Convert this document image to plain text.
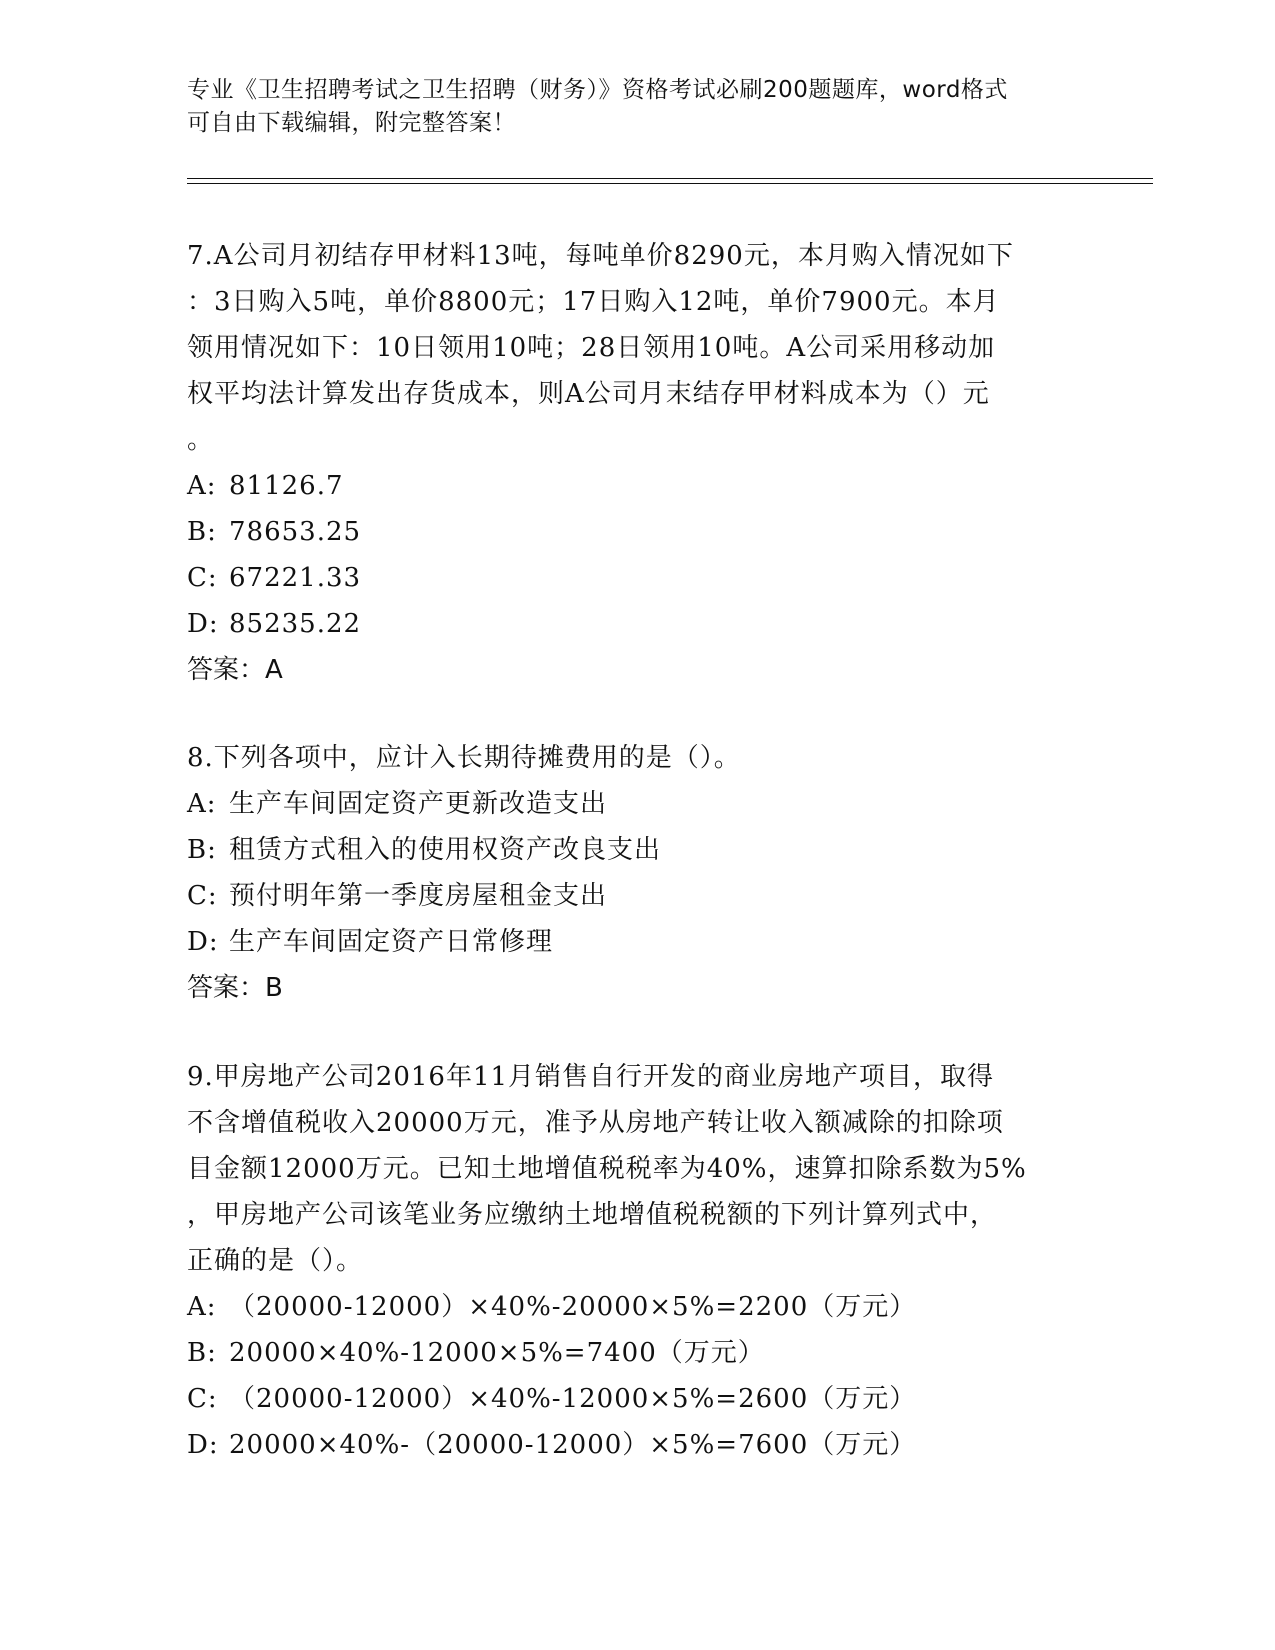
专业《卫生招聘考试之卫生招聘（财务）》资格考试必刷200题题库，word格式
可自由下载编辑，附完整答案！
7.A公司月初结存甲材料13吨，每吨单价8290元，本月购入情况如下
：3日购入5吨，单价8800元；17日购入12吨，单价7900元。本月
领用情况如下：10日领用10吨；28日领用10吨。A公司采用移动加
权平均法计算发出存货成本，则A公司月末结存甲材料成本为（）元
。
A: 81126.7
B: 78653.25
C: 67221.33
D: 85235.22
答案：A
8.下列各项中，应计入长期待摊费用的是（）。
A: 生产车间固定资产更新改造支出
B: 租赁方式租入的使用权资产改良支出
C: 预付明年第一季度房屋租金支出
D: 生产车间固定资产日常修理
答案：B
9.甲房地产公司2016年11月销售自行开发的商业房地产项目，取得
不含增值税收入20000万元，准予从房地产转让收入额减除的扣除项
目金额12000万元。已知土地增值税税率为40%，速算扣除系数为5%
，甲房地产公司该笔业务应缴纳土地增值税税额的下列计算列式中，
正确的是（）。
A: （20000-12000）×40%-20000×5%=2200（万元）
B: 20000×40%-12000×5%=7400（万元）
C: （20000-12000）×40%-12000×5%=2600（万元）
D: 20000×40%-（20000-12000）×5%=7600（万元）
